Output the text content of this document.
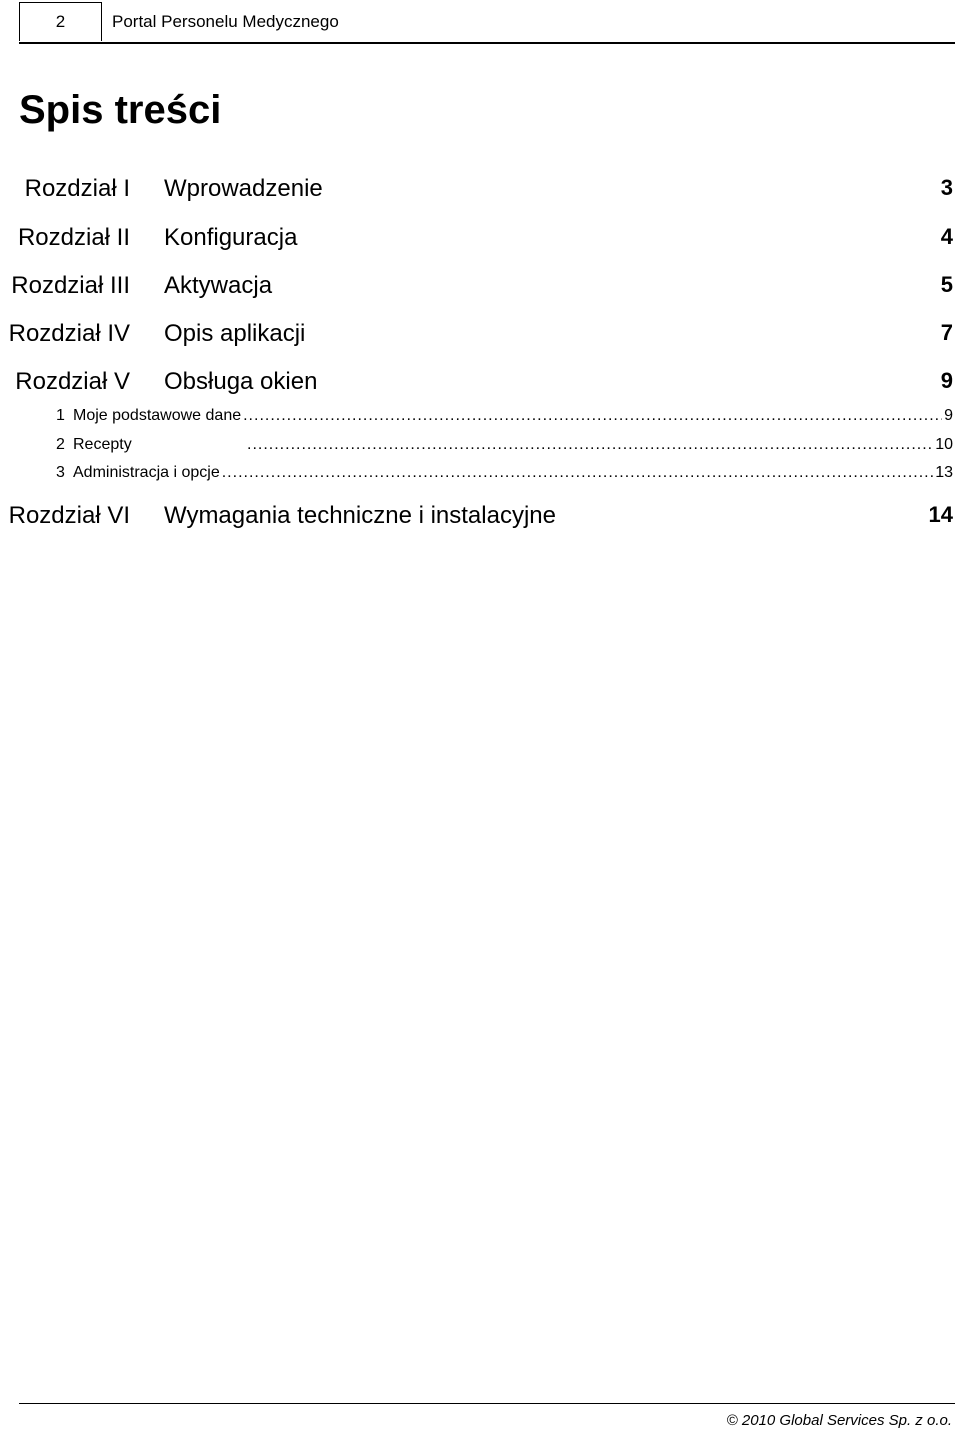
2	Portal Personelu Medycznego
Spis treści
Rozdział I Wprowadzenie	3
Rozdział II Konfiguracja	4
Rozdział III Aktywacja	5
Rozdział IV Opis aplikacji	7
Rozdział V Obsługa okien	9
1 Moje podstawowe dane .....	9
2 Recepty .....	10
3 Administracja i opcje .....	13
Rozdział VI Wymagania techniczne i instalacyjne	14
© 2010 Global Services Sp. z o.o.
